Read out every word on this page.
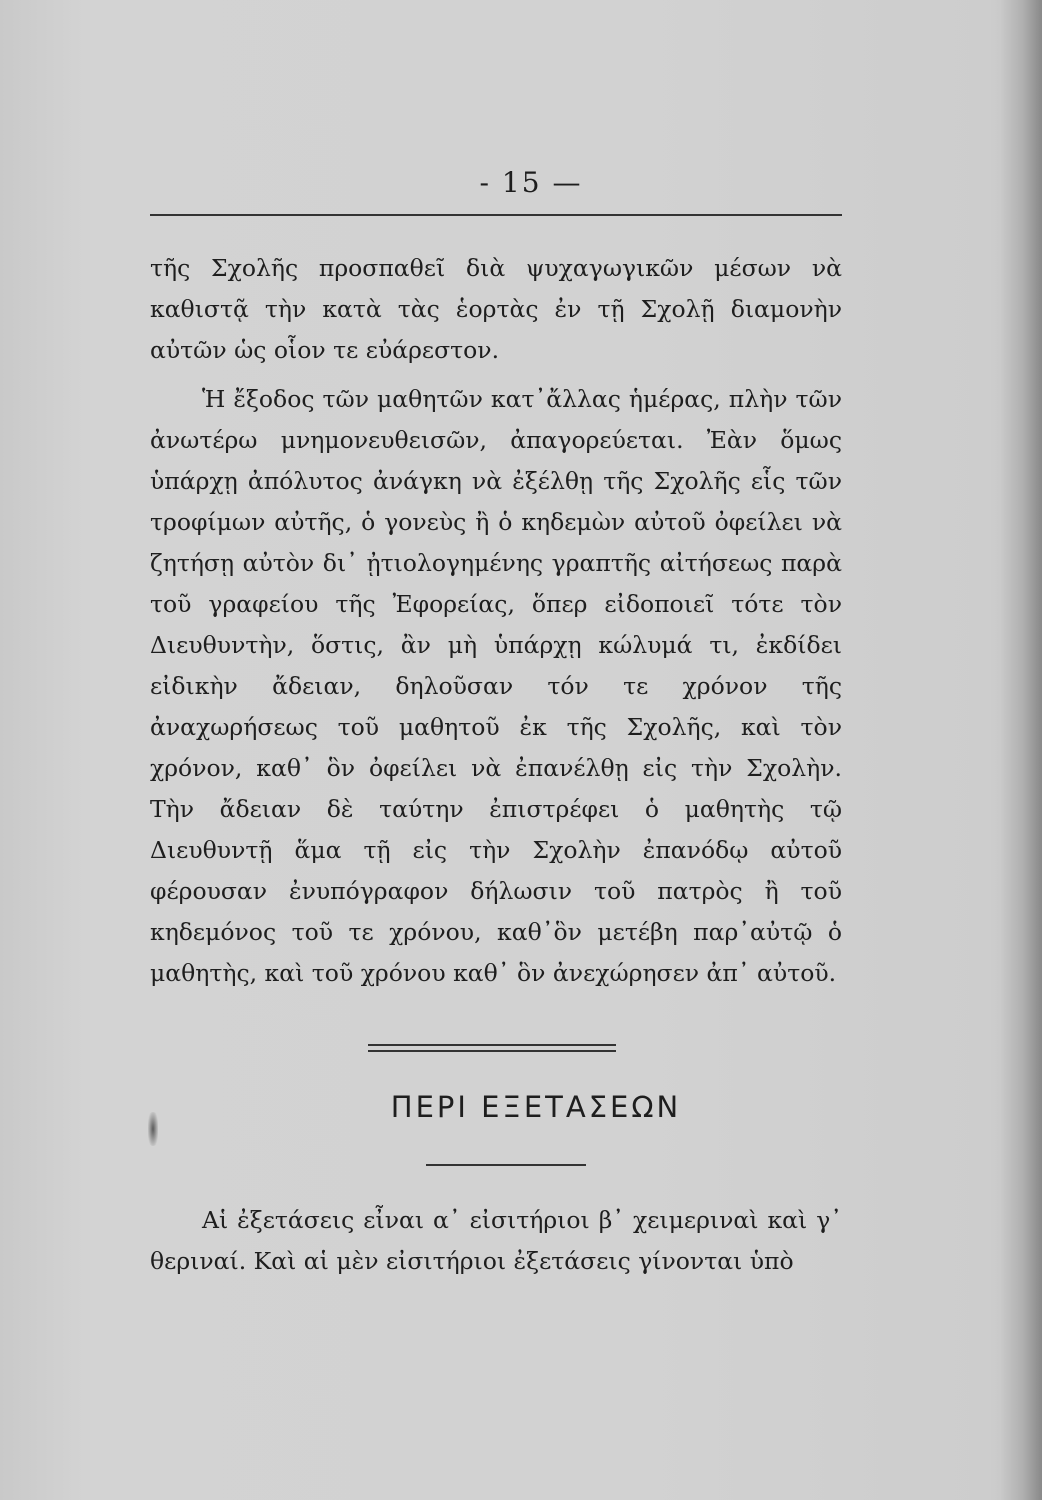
- 15 —

τῆς Σχολῆς προσπαθεῖ διὰ ψυχαγωγικῶν μέσων νὰ καθιστᾷ τὴν κατὰ τὰς ἑορτὰς ἐν τῇ Σχολῇ διαμονὴν αὐτῶν ὡς οἷον τε εὐάρεστον.

Ἡ ἔξοδος τῶν μαθητῶν κατ᾽ἄλλας ἡμέρας, πλὴν τῶν ἀνωτέρω μνημονευθεισῶν, ἀπαγορεύεται. Ἐὰν ὅμως ὑπάρχῃ ἀπόλυτος ἀνάγκη νὰ ἐξέλθῃ τῆς Σχολῆς εἷς τῶν τροφίμων αὐτῆς, ὁ γονεὺς ἢ ὁ κηδεμὼν αὐτοῦ ὀφείλει νὰ ζητήσῃ αὐτὸν δι᾽ ᾐτιολογημένης γραπτῆς αἰτήσεως παρὰ τοῦ γραφείου τῆς Ἐφορείας, ὅπερ εἰδοποιεῖ τότε τὸν Διευθυντὴν, ὅστις, ἂν μὴ ὑπάρχῃ κώλυμά τι, ἐκδίδει εἰδικὴν ἄδειαν, δηλοῦσαν τόν τε χρόνον τῆς ἀναχωρήσεως τοῦ μαθητοῦ ἐκ τῆς Σχολῆς, καὶ τὸν χρόνον, καθ᾽ ὃν ὀφείλει νὰ ἐπανέλθῃ εἰς τὴν Σχολὴν. Τὴν ἄδειαν δὲ ταύτην ἐπιστρέφει ὁ μαθητὴς τῷ Διευθυντῇ ἅμα τῇ εἰς τὴν Σχολὴν ἐπανόδῳ αὐτοῦ φέρουσαν ἐνυπόγραφον δήλωσιν τοῦ πατρὸς ἢ τοῦ κηδεμόνος τοῦ τε χρόνου, καθ᾽ὃν μετέβη παρ᾽αὐτῷ ὁ μαθητὴς, καὶ τοῦ χρόνου καθ᾽ ὃν ἀνεχώρησεν ἀπ᾽ αὐτοῦ.

ΠΕΡΙ ΕΞΕΤΑΣΕΩΝ

Αἱ ἐξετάσεις εἶναι α᾽ εἰσιτήριοι β᾽ χειμεριναὶ καὶ γ᾽ θεριναί. Καὶ αἱ μὲν εἰσιτήριοι ἐξετάσεις γίνονται ὑπὸ
